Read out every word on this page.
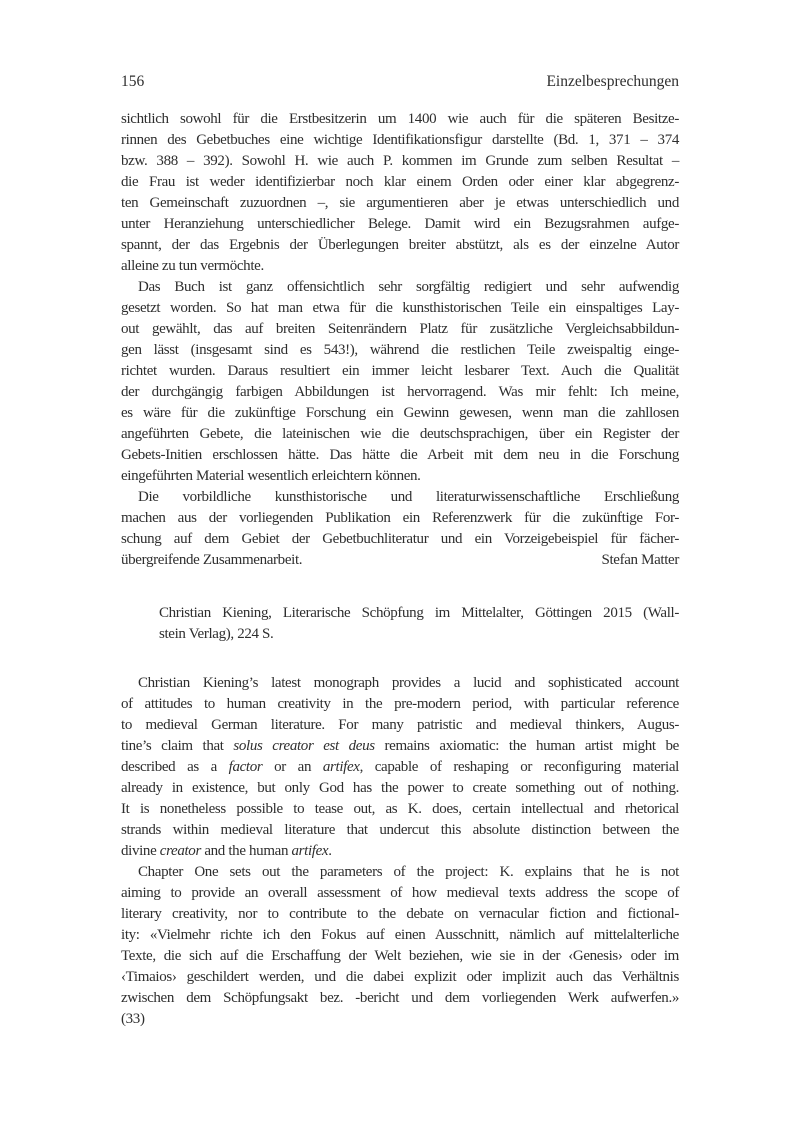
156	Einzelbesprechungen
sichtlich sowohl für die Erstbesitzerin um 1400 wie auch für die späteren Besitze-
rinnen des Gebetbuches eine wichtige Identifikationsfigur darstellte (Bd. 1, 371 – 374
bzw. 388 – 392). Sowohl H. wie auch P. kommen im Grunde zum selben Resultat –
die Frau ist weder identifizierbar noch klar einem Orden oder einer klar abgegrenz-
ten Gemeinschaft zuzuordnen –, sie argumentieren aber je etwas unterschiedlich und
unter Heranziehung unterschiedlicher Belege. Damit wird ein Bezugsrahmen aufge-
spannt, der das Ergebnis der Überlegungen breiter abstützt, als es der einzelne Autor
alleine zu tun vermöchte.
Das Buch ist ganz offensichtlich sehr sorgfältig redigiert und sehr aufwendig
gesetzt worden. So hat man etwa für die kunsthistorischen Teile ein einspaltiges Lay-
out gewählt, das auf breiten Seitenrändern Platz für zusätzliche Vergleichsabbildun-
gen lässt (insgesamt sind es 543!), während die restlichen Teile zweispaltig einge-
richtet wurden. Daraus resultiert ein immer leicht lesbarer Text. Auch die Qualität
der durchgängig farbigen Abbildungen ist hervorragend. Was mir fehlt: Ich meine,
es wäre für die zukünftige Forschung ein Gewinn gewesen, wenn man die zahllosen
angeführten Gebete, die lateinischen wie die deutschsprachigen, über ein Register der
Gebets-Initien erschlossen hätte. Das hätte die Arbeit mit dem neu in die Forschung
eingeführten Material wesentlich erleichtern können.
Die vorbildliche kunsthistorische und literaturwissenschaftliche Erschließung
machen aus der vorliegenden Publikation ein Referenzwerk für die zukünftige For-
schung auf dem Gebiet der Gebetbuchliteratur und ein Vorzeigebeispiel für fächer-
übergreifende Zusammenarbeit.	Stefan Matter
Christian Kiening, Literarische Schöpfung im Mittelalter, Göttingen 2015 (Wall-
stein Verlag), 224 S.
Christian Kiening’s latest monograph provides a lucid and sophisticated account
of attitudes to human creativity in the pre-modern period, with particular reference
to medieval German literature. For many patristic and medieval thinkers, Augus-
tine’s claim that solus creator est deus remains axiomatic: the human artist might be
described as a factor or an artifex, capable of reshaping or reconfiguring material
already in existence, but only God has the power to create something out of nothing.
It is nonetheless possible to tease out, as K. does, certain intellectual and rhetorical
strands within medieval literature that undercut this absolute distinction between the
divine creator and the human artifex.
Chapter One sets out the parameters of the project: K. explains that he is not
aiming to provide an overall assessment of how medieval texts address the scope of
literary creativity, nor to contribute to the debate on vernacular fiction and fictional-
ity: «Vielmehr richte ich den Fokus auf einen Ausschnitt, nämlich auf mittelalterliche
Texte, die sich auf die Erschaffung der Welt beziehen, wie sie in der ‹Genesis› oder im
‹Timaios› geschildert werden, und die dabei explizit oder implizit auch das Verhältnis
zwischen dem Schöpfungsakt bez. -bericht und dem vorliegenden Werk aufwerfen.»
(33)
